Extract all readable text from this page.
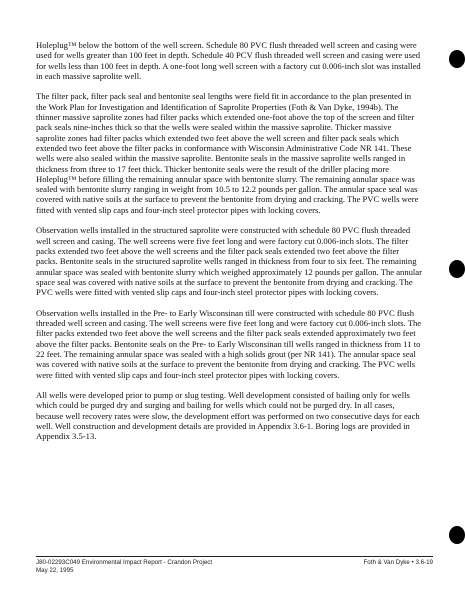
Holeplug™ below the bottom of the well screen. Schedule 80 PVC flush threaded well screen and casing were used for wells greater than 100 feet in depth. Schedule 40 PCV flush threaded well screen and casing were used for wells less than 100 feet in depth. A one-foot long well screen with a factory cut 0.006-inch slot was installed in each massive saprolite well.

The filter pack, filter pack seal and bentonite seal lengths were field fit in accordance to the plan presented in the Work Plan for Investigation and Identification of Saprolite Properties (Foth & Van Dyke, 1994b). The thinner massive saprolite zones had filter packs which extended one-foot above the top of the screen and filter pack seals nine-inches thick so that the wells were sealed within the massive saprolite. Thicker massive saprolite zones had filter packs which extended two feet above the well screen and filter pack seals which extended two feet above the filter packs in conformance with Wisconsin Administrative Code NR 141. These wells were also sealed within the massive saprolite. Bentonite seals in the massive saprolite wells ranged in thickness from three to 17 feet thick. Thicker bentonite seals were the result of the driller placing more Holeplug™ before filling the remaining annular space with bentonite slurry. The remaining annular space was sealed with bentonite slurry ranging in weight from 10.5 to 12.2 pounds per gallon. The annular space seal was covered with native soils at the surface to prevent the bentonite from drying and cracking. The PVC wells were fitted with vented slip caps and four-inch steel protector pipes with locking covers.

Observation wells installed in the structured saprolite were constructed with schedule 80 PVC flush threaded well screen and casing. The well screens were five feet long and were factory cut 0.006-inch slots. The filter packs extended two feet above the well screens and the filter pack seals extended two feet above the filter packs. Bentonite seals in the structured saprolite wells ranged in thickness from four to six feet. The remaining annular space was sealed with bentonite slurry which weighed approximately 12 pounds per gallon. The annular space seal was covered with native soils at the surface to prevent the bentonite from drying and cracking. The PVC wells were fitted with vented slip caps and four-inch steel protector pipes with locking covers.

Observation wells installed in the Pre- to Early Wisconsinan till were constructed with schedule 80 PVC flush threaded well screen and casing. The well screens were five feet long and were factory cut 0.006-inch slots. The filter packs extended two feet above the well screens and the filter pack seals extended approximately two feet above the filter packs. Bentonite seals on the Pre- to Early Wisconsinan till wells ranged in thickness from 11 to 22 feet. The remaining annular space was sealed with a high solids grout (per NR 141). The annular space seal was covered with native soils at the surface to prevent the bentonite from drying and cracking. The PVC wells were fitted with vented slip caps and four-inch steel protector pipes with locking covers.

All wells were developed prior to pump or slug testing. Well development consisted of bailing only for wells which could be purged dry and surging and bailing for wells which could not be purged dry. In all cases, because well recovery rates were slow, the development effort was performed on two consecutive days for each well. Well construction and development details are provided in Appendix 3.6-1. Boring logs are provided in Appendix 3.5-13.

J80-02293C049 Environmental Impact Report - Crandon Project
May 22, 1995
Foth & Van Dyke • 3.6-19
